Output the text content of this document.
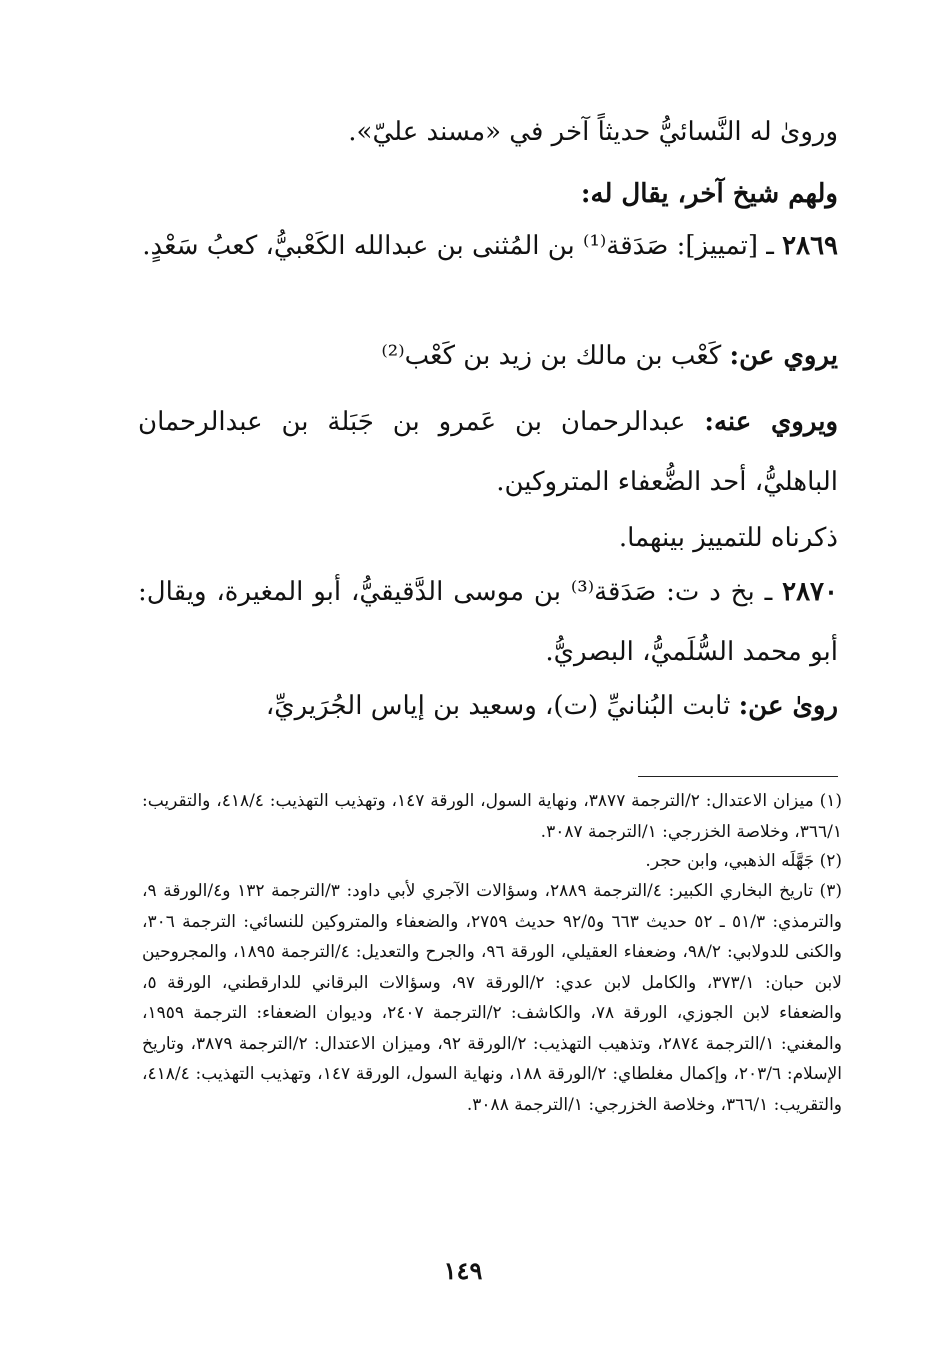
وروىٰ له النَّسائيُّ حديثاً آخر في «مسند عليّ».
ولهم شيخ آخر، يقال له:
٢٨٦٩ ـ [تمييز]: صَدَقة⁽¹⁾ بن المُثنى بن عبدالله الكَعْبيُّ، كعبُ سَعْدٍ.
يروي عن: كَعْب بن مالك بن زيد بن كَعْب⁽²⁾
ويروي عنه: عبدالرحمان بن عَمرو بن جَبَلة بن عبدالرحمان الباهليُّ، أحد الضُّعفاء المتروكين.
ذكرناه للتمييز بينهما.
٢٨٧٠ ـ بخ د ت: صَدَقة⁽³⁾ بن موسى الدَّقيقيُّ، أبو المغيرة، ويقال: أبو محمد السُّلَميُّ، البصريُّ.
روىٰ عن: ثابت البُنانيِّ (ت)، وسعيد بن إياس الجُرَيريِّ،
(١) ميزان الاعتدال: ٢/الترجمة ٣٨٧٧، ونهاية السول، الورقة ١٤٧، وتهذيب التهذيب: ٤١٨/٤، والتقريب: ٣٦٦/١، وخلاصة الخزرجي: ١/الترجمة ٣٠٨٧.
(٢) جَهَّلَه الذهبي، وابن حجر.
(٣) تاريخ البخاري الكبير: ٤/الترجمة ٢٨٨٩، وسؤالات الآجري لأبي داود: ٣/الترجمة ١٣٢ و٤/الورقة ٩، والترمذي: ٥١/٣ ـ ٥٢ حديث ٦٦٣ و٩٢/٥ حديث ٢٧٥٩، والضعفاء والمتروكين للنسائي: الترجمة ٣٠٦، والكنى للدولابي: ٩٨/٢، وضعفاء العقيلي، الورقة ٩٦، والجرح والتعديل: ٤/الترجمة ١٨٩٥، والمجروحين لابن حبان: ٣٧٣/١، والكامل لابن عدي: ٢/الورقة ٩٧، وسؤالات البرقاني للدارقطني، الورقة ٥، والضعفاء لابن الجوزي، الورقة ٧٨، والكاشف: ٢/الترجمة ٢٤٠٧، وديوان الضعفاء: الترجمة ١٩٥٩، والمغني: ١/الترجمة ٢٨٧٤، وتذهيب التهذيب: ٢/الورقة ٩٢، وميزان الاعتدال: ٢/الترجمة ٣٨٧٩، وتاريخ الإسلام: ٢٠٣/٦، وإكمال مغلطاي: ٢/الورقة ١٨٨، ونهاية السول، الورقة ١٤٧، وتهذيب التهذيب: ٤١٨/٤، والتقريب: ٣٦٦/١، وخلاصة الخزرجي: ١/الترجمة ٣٠٨٨.
١٤٩
